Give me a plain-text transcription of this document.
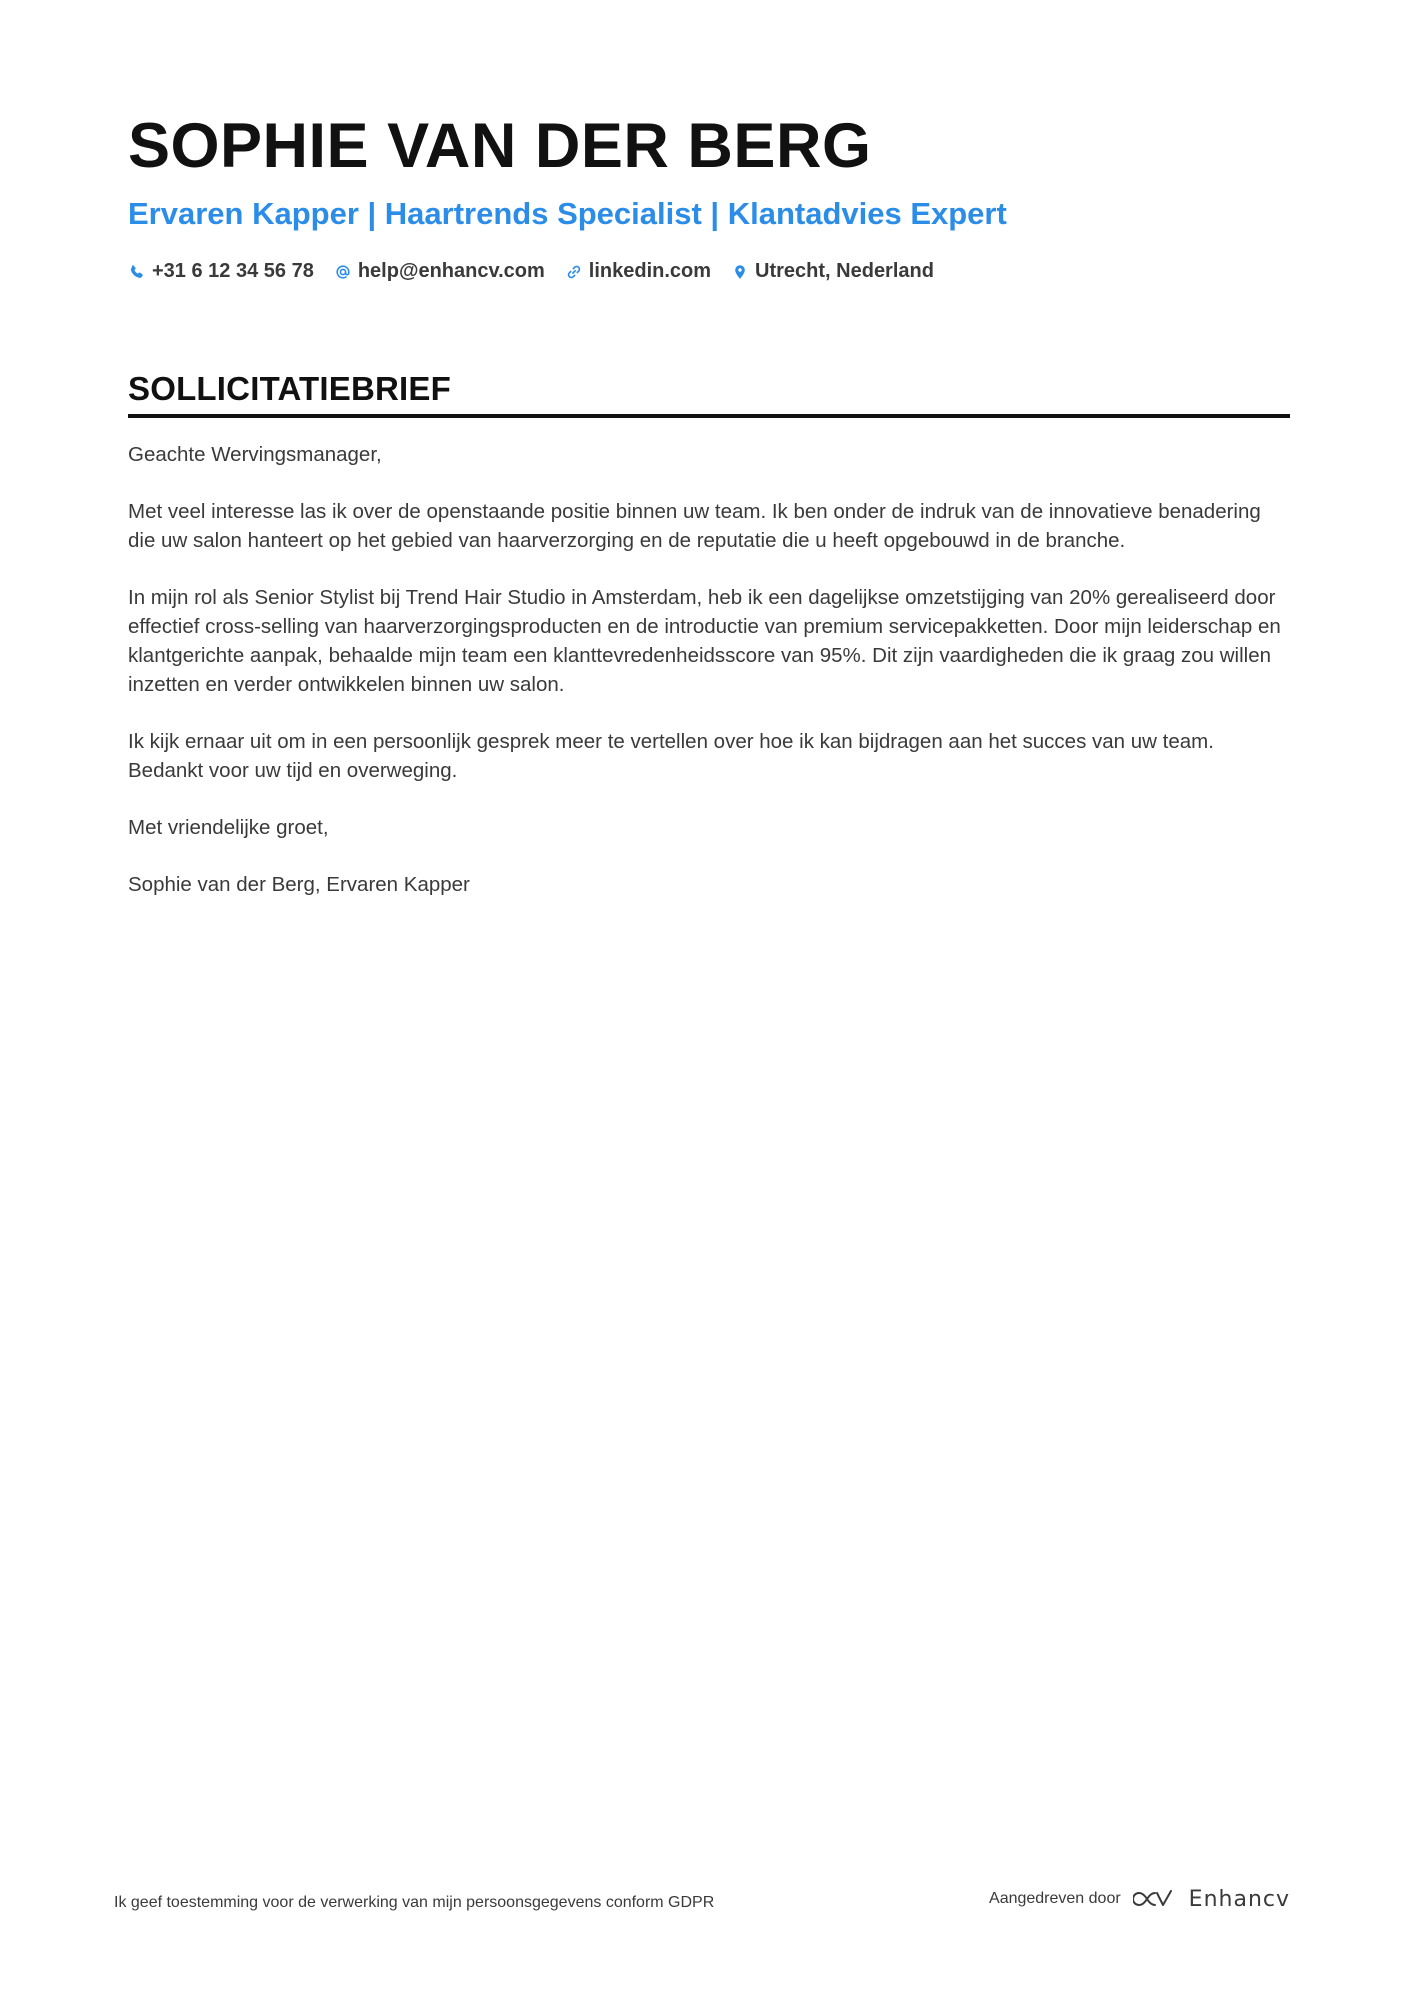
SOPHIE VAN DER BERG
Ervaren Kapper | Haartrends Specialist | Klantadvies Expert
+31 6 12 34 56 78 help@enhancv.com linkedin.com Utrecht, Nederland
SOLLICITATIEBRIEF

Geachte Wervingsmanager,

Met veel interesse las ik over de openstaande positie binnen uw team. Ik ben onder de indruk van de innovatieve benadering die uw salon hanteert op het gebied van haarverzorging en de reputatie die u heeft opgebouwd in de branche.

In mijn rol als Senior Stylist bij Trend Hair Studio in Amsterdam, heb ik een dagelijkse omzetstijging van 20% gerealiseerd door effectief cross-selling van haarverzorgingsproducten en de introductie van premium servicepakketten. Door mijn leiderschap en klantgerichte aanpak, behaalde mijn team een klanttevredenheidsscore van 95%. Dit zijn vaardigheden die ik graag zou willen inzetten en verder ontwikkelen binnen uw salon.

Ik kijk ernaar uit om in een persoonlijk gesprek meer te vertellen over hoe ik kan bijdragen aan het succes van uw team. Bedankt voor uw tijd en overweging.

Met vriendelijke groet,

Sophie van der Berg, Ervaren Kapper

Ik geef toestemming voor de verwerking van mijn persoonsgegevens conform GDPR	Aangedreven door	Enhancv
